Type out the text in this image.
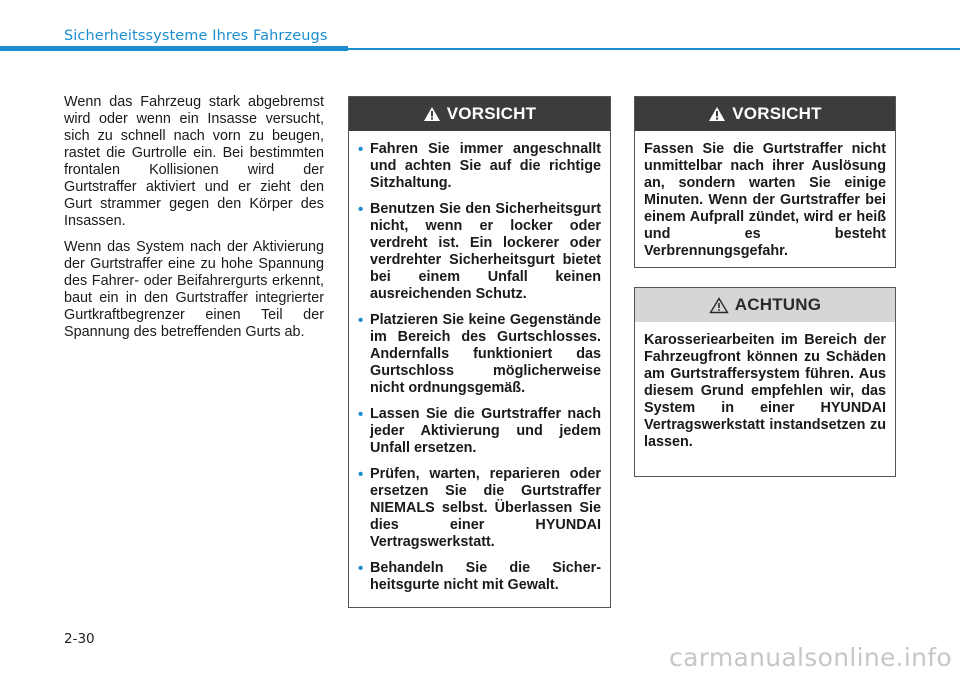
Sicherheitssysteme Ihres Fahrzeugs

Wenn das Fahrzeug stark abgebremst wird oder wenn ein Insasse versucht, sich zu schnell nach vorn zu beugen, rastet die Gurtrolle ein. Bei bestimmten frontalen Kollisionen wird der Gurtstraffer aktiviert und er zieht den Gurt strammer gegen den Körper des Insassen.

Wenn das System nach der Aktivierung der Gurtstraffer eine zu hohe Spannung des Fahrer- oder Beifahrergurts erkennt, baut ein in den Gurtstraffer integrierter Gurtkraftbegrenzer einen Teil der Spannung des betreffenden Gurts ab.

VORSICHT
• Fahren Sie immer angeschnallt und achten Sie auf die richtige Sitzhaltung.
• Benutzen Sie den Sicherheitsgurt nicht, wenn er locker oder verdreht ist. Ein lockerer oder verdrehter Sicherheitsgurt bietet bei einem Unfall keinen ausreichenden Schutz.
• Platzieren Sie keine Gegenstände im Bereich des Gurtschlosses. Andernfalls funktioniert das Gurtschloss möglicherweise nicht ordnungsgemäß.
• Lassen Sie die Gurtstraffer nach jeder Aktivierung und jedem Unfall ersetzen.
• Prüfen, warten, reparieren oder ersetzen Sie die Gurtstraffer NIEMALS selbst. Überlassen Sie dies einer HYUNDAI Vertragswerkstatt.
• Behandeln Sie die Sicherheitsgurte nicht mit Gewalt.
VORSICHT
Fassen Sie die Gurtstraffer nicht unmittelbar nach ihrer Auslösung an, sondern warten Sie einige Minuten. Wenn der Gurtstraffer bei einem Aufprall zündet, wird er heiß und es besteht Verbrennungsgefahr.
ACHTUNG
Karosseriearbeiten im Bereich der Fahrzeugfront können zu Schäden am Gurtstraffersystem führen. Aus diesem Grund empfehlen wir, das System in einer HYUNDAI Vertragswerkstatt instandsetzen zu lassen.
2-30
carmanualsonline.info
